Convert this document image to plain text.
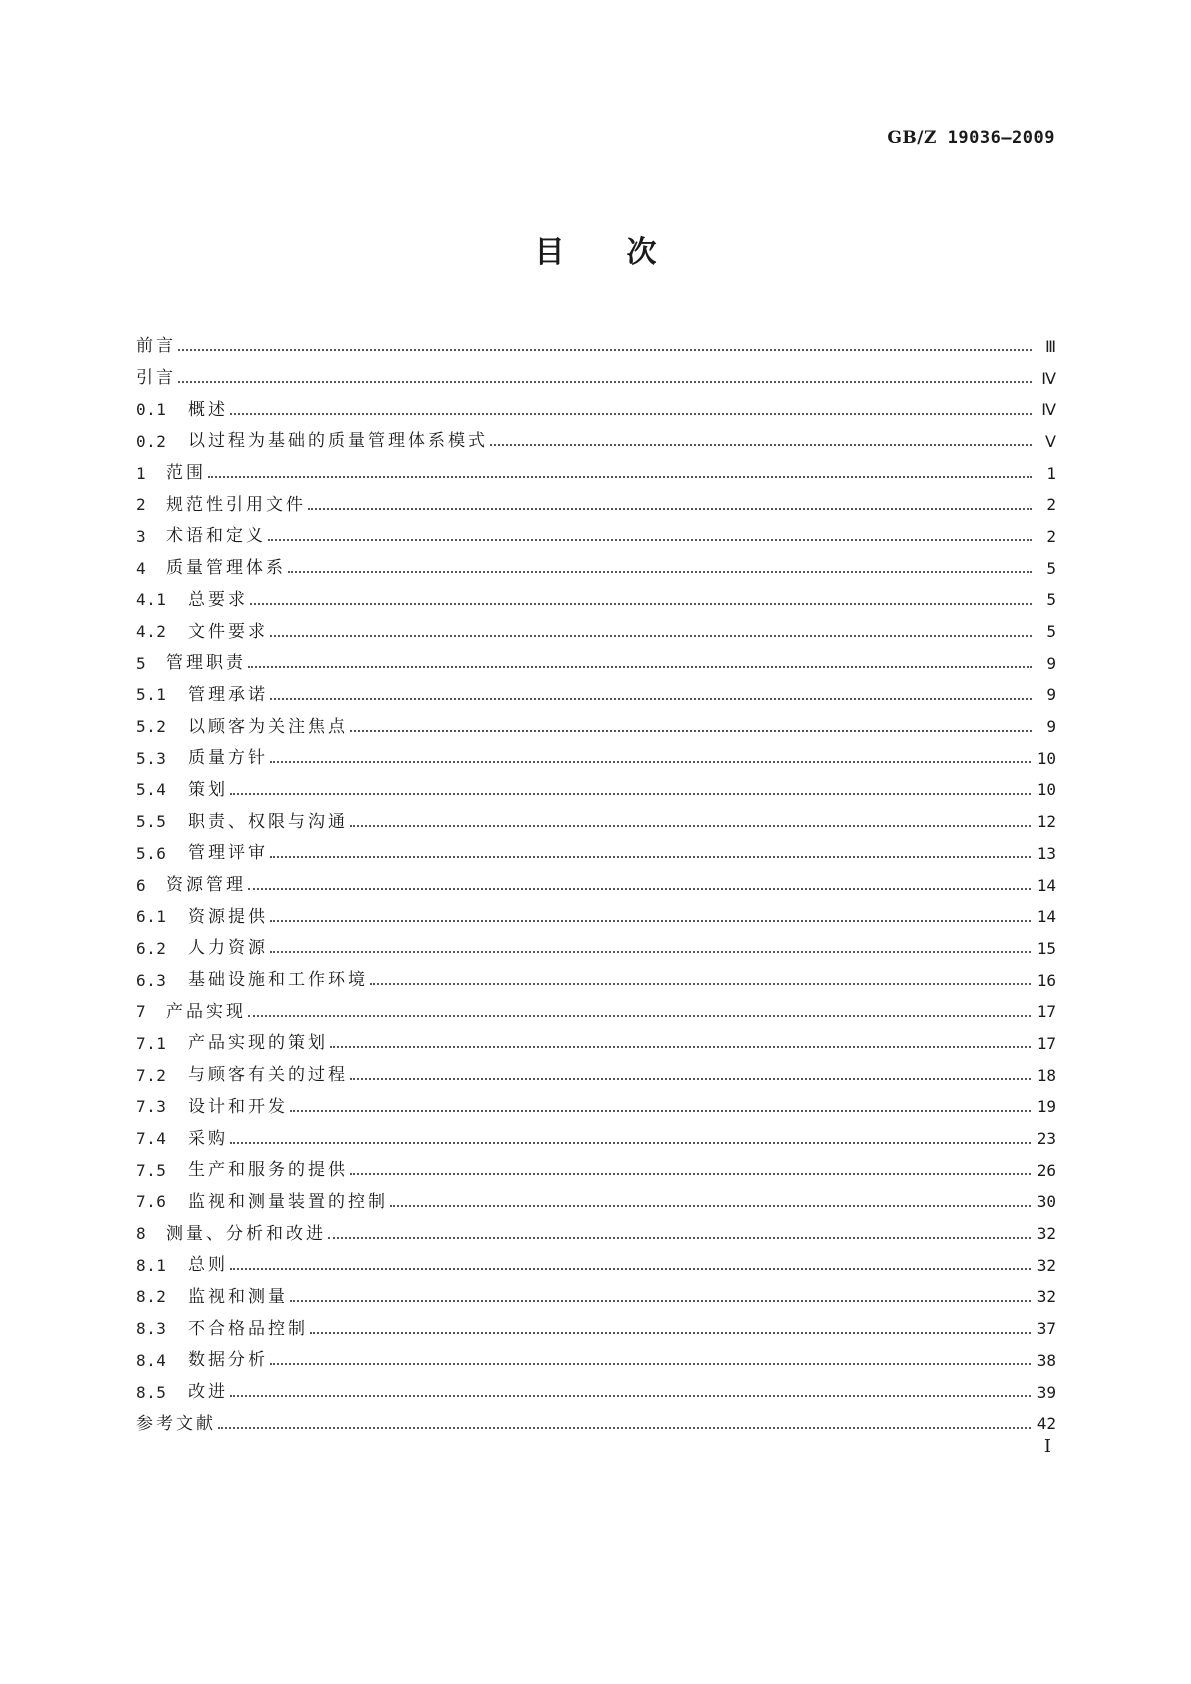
GB/Z 19036—2009
目 次
前言	Ⅲ
引言	Ⅳ
0.1	概述	Ⅳ
0.2	以过程为基础的质量管理体系模式	Ⅴ
1	范围	1
2	规范性引用文件	2
3	术语和定义	2
4	质量管理体系	5
4.1	总要求	5
4.2	文件要求	5
5	管理职责	9
5.1	管理承诺	9
5.2	以顾客为关注焦点	9
5.3	质量方针	10
5.4	策划	10
5.5	职责、权限与沟通	12
5.6	管理评审	13
6	资源管理	14
6.1	资源提供	14
6.2	人力资源	15
6.3	基础设施和工作环境	16
7	产品实现	17
7.1	产品实现的策划	17
7.2	与顾客有关的过程	18
7.3	设计和开发	19
7.4	采购	23
7.5	生产和服务的提供	26
7.6	监视和测量装置的控制	30
8	测量、分析和改进	32
8.1	总则	32
8.2	监视和测量	32
8.3	不合格品控制	37
8.4	数据分析	38
8.5	改进	39
参考文献	42
I
